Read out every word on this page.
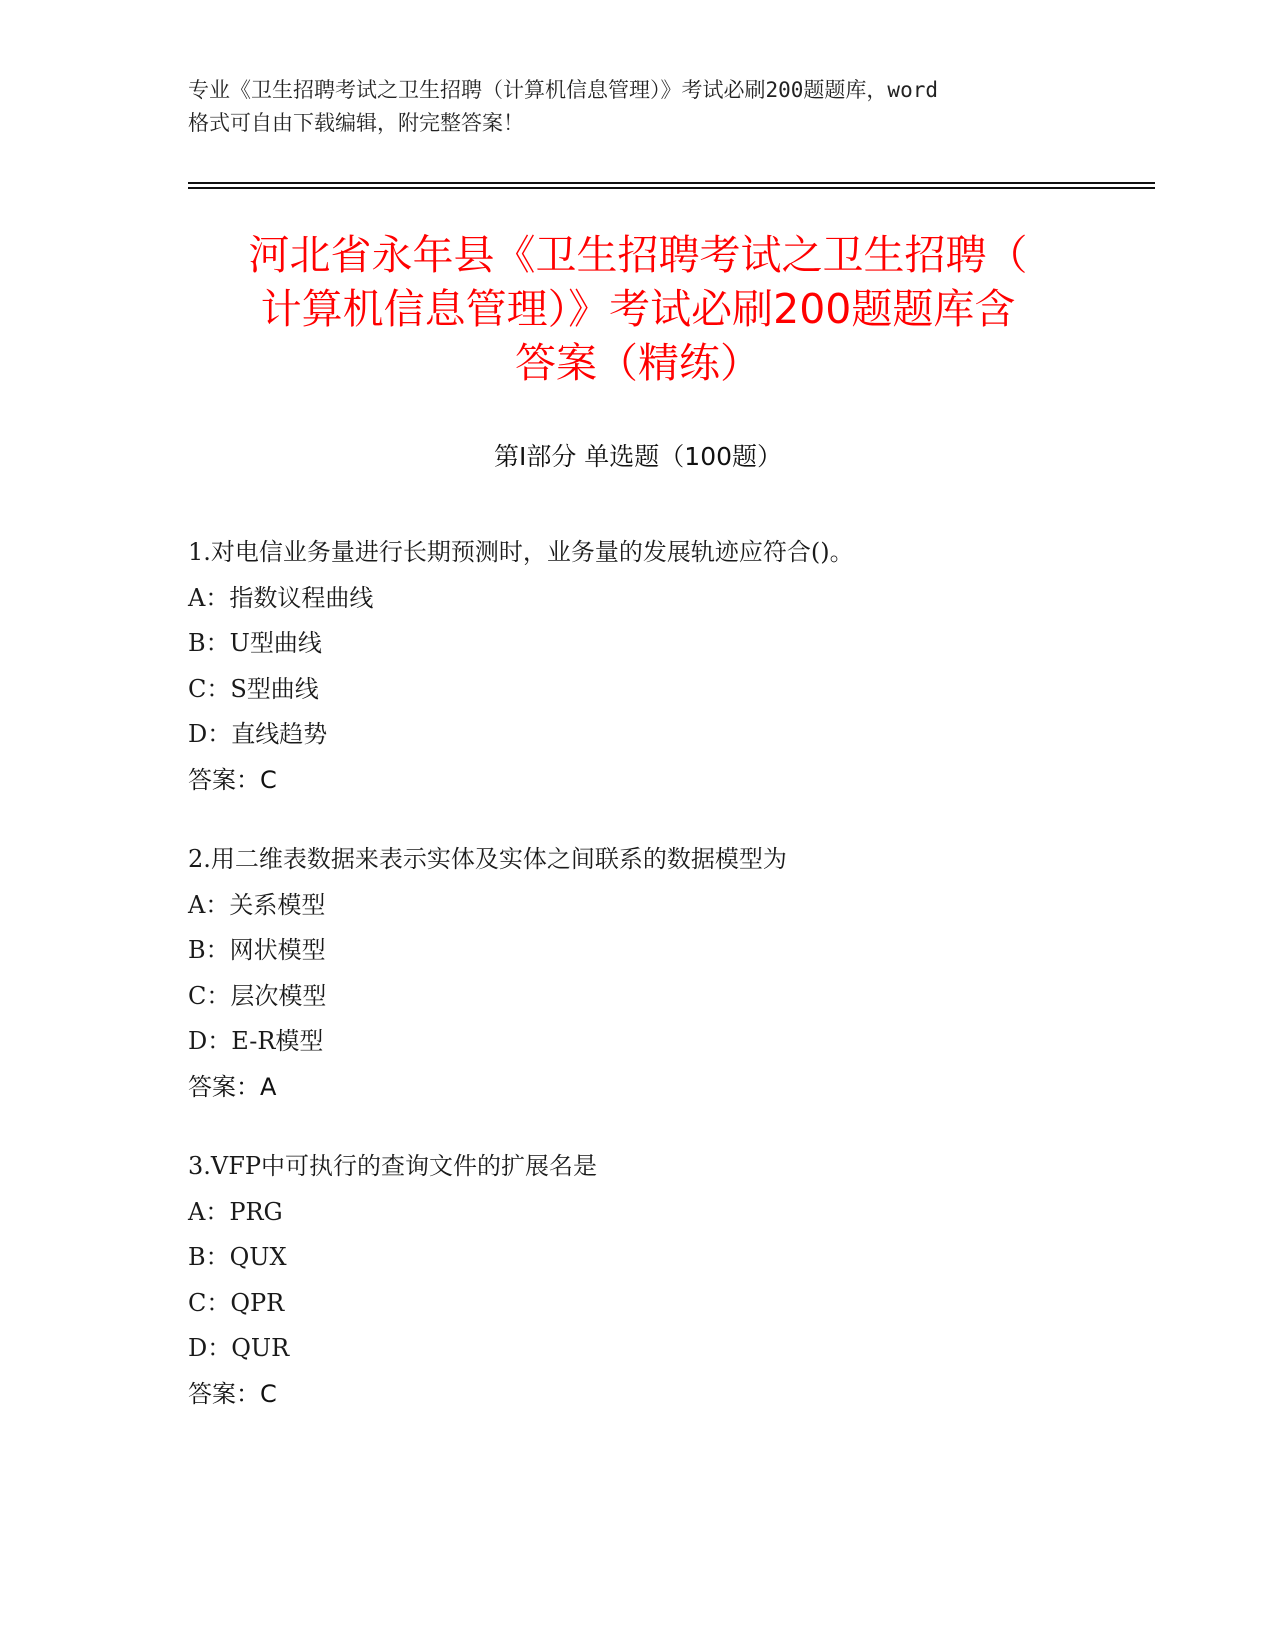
专业《卫生招聘考试之卫生招聘（计算机信息管理）》考试必刷200题题库，word
格式可自由下载编辑，附完整答案！
河北省永年县《卫生招聘考试之卫生招聘（
计算机信息管理）》考试必刷200题题库含
答案（精练）
第Ⅰ部分 单选题（100题）
1.对电信业务量进行长期预测时，业务量的发展轨迹应符合()。
A：指数议程曲线
B：U型曲线
C：S型曲线
D：直线趋势
答案：C
2.用二维表数据来表示实体及实体之间联系的数据模型为
A：关系模型
B：网状模型
C：层次模型
D：E-R模型
答案：A
3.VFP中可执行的查询文件的扩展名是
A：PRG
B：QUX
C：QPR
D：QUR
答案：C
